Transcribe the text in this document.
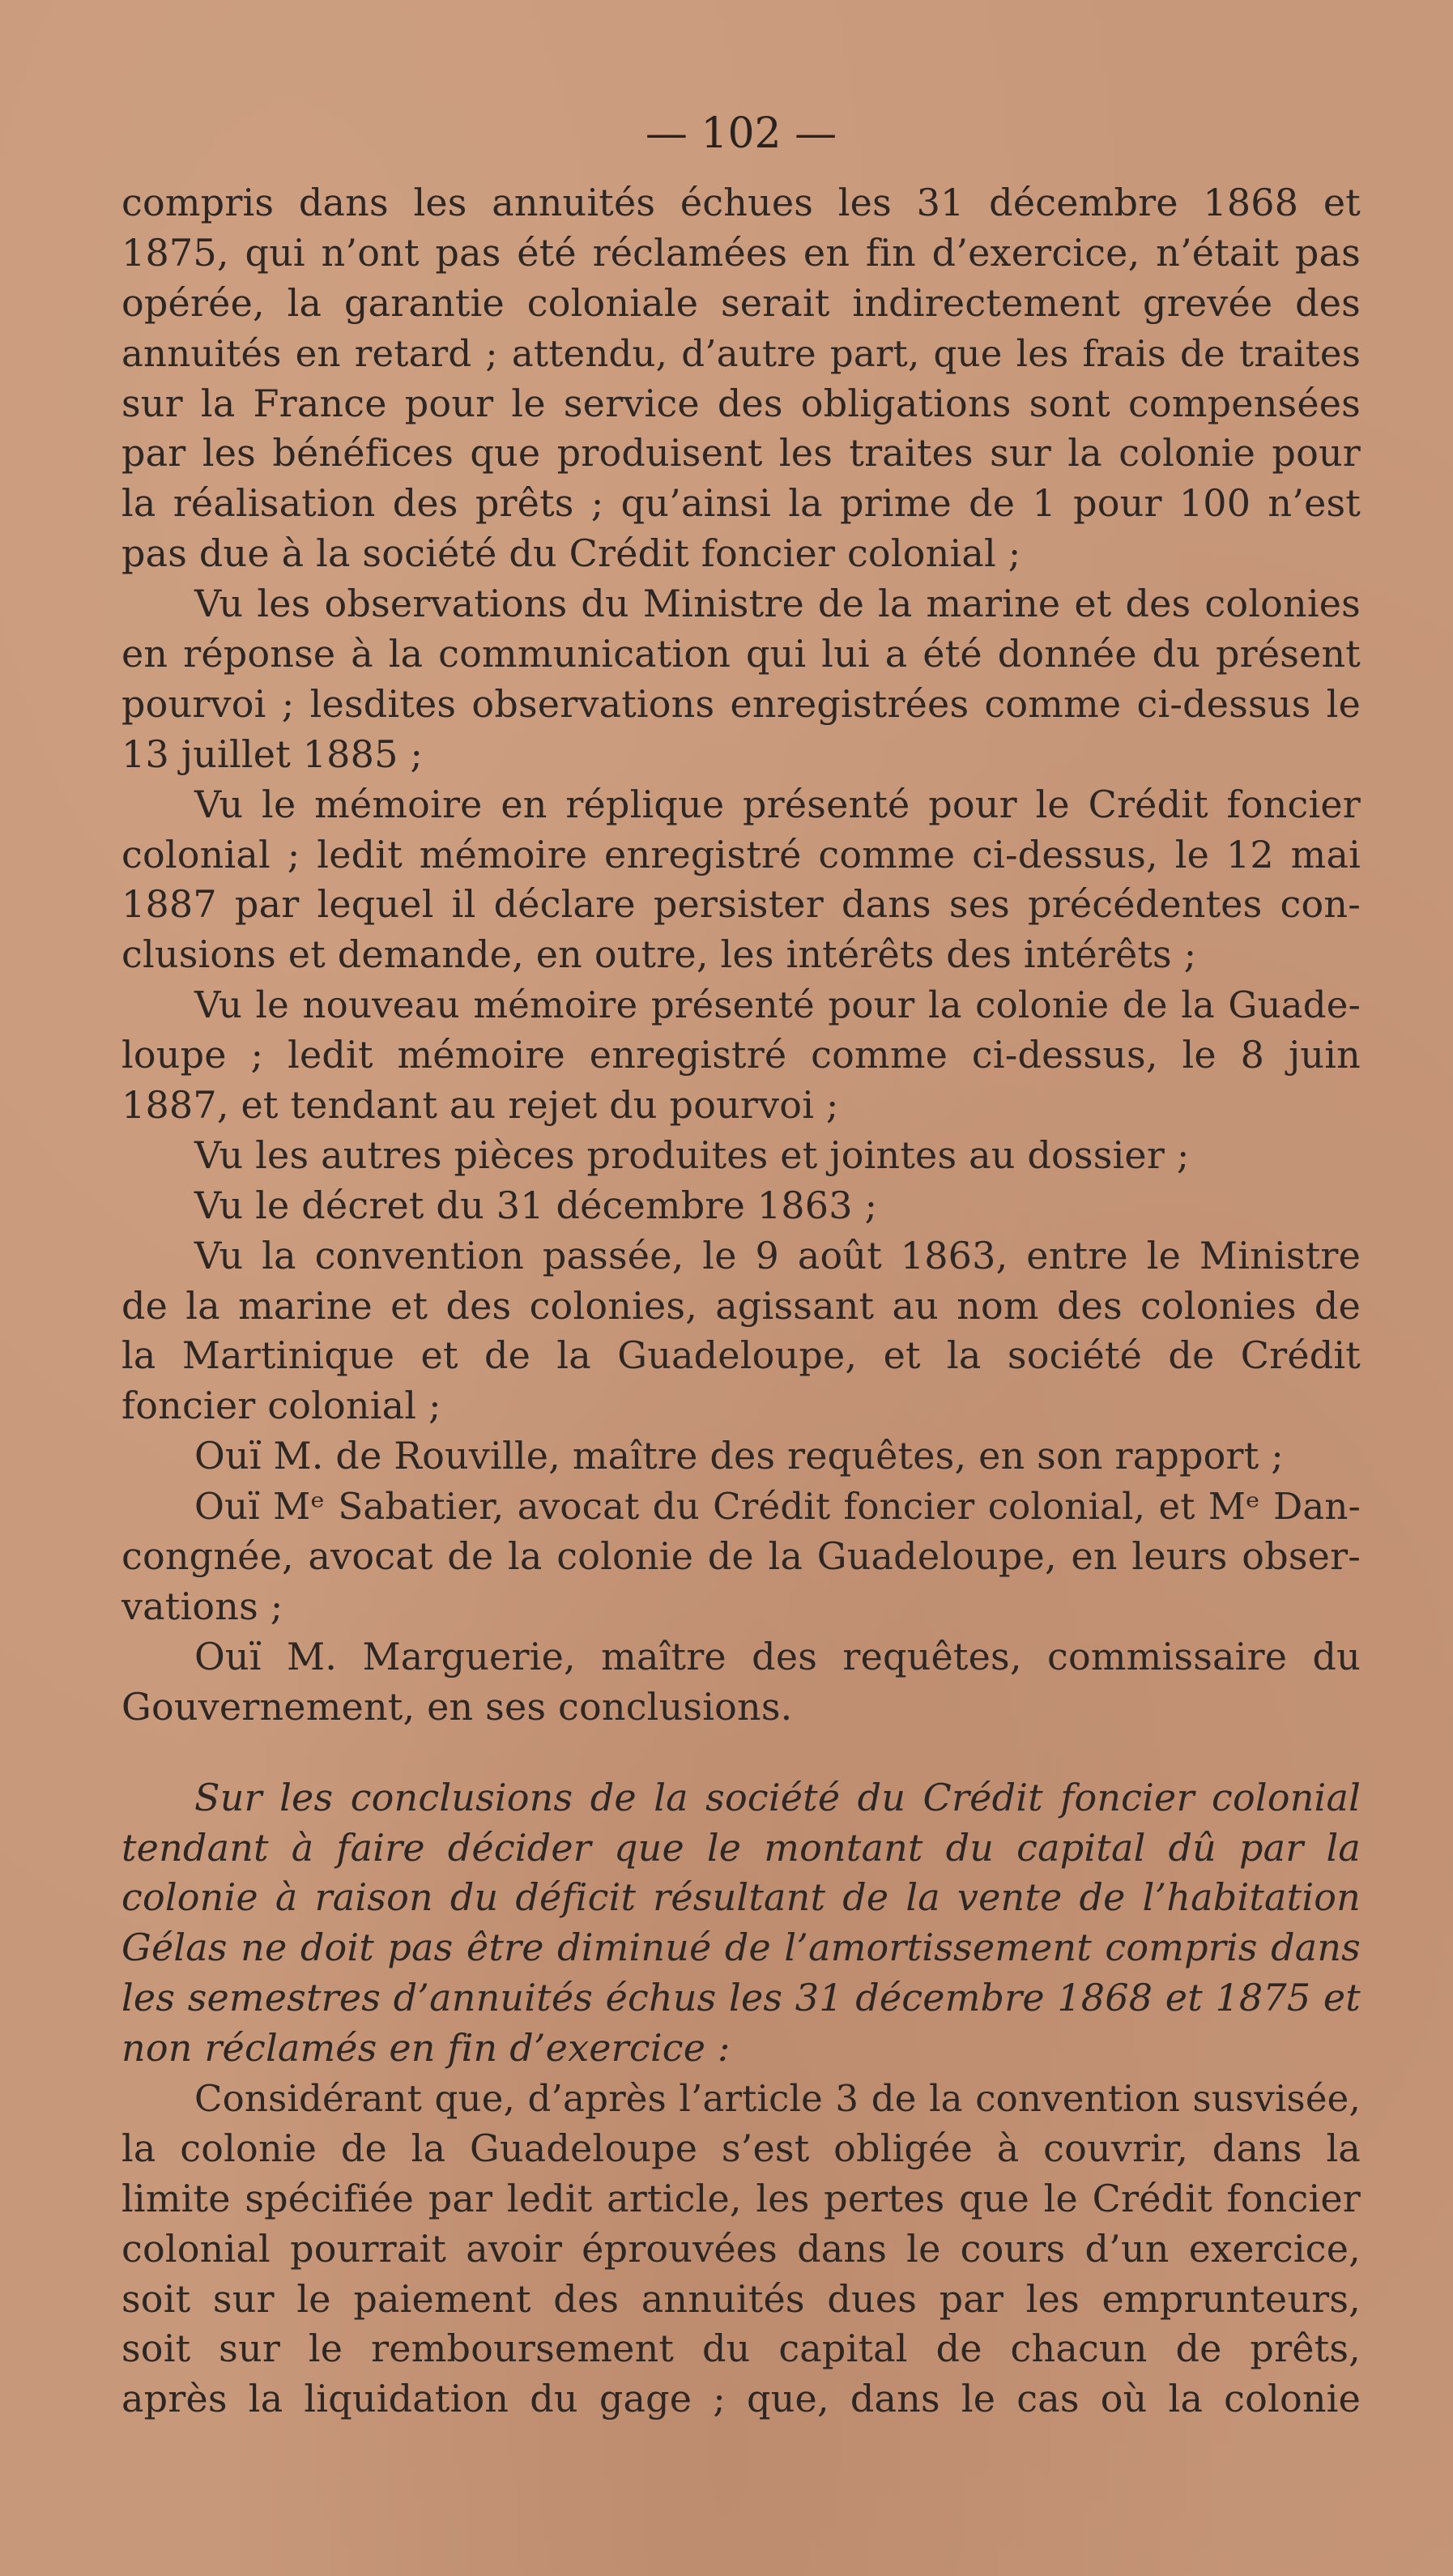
— 102 —
compris dans les annuités échues les 31 décembre 1868 et
1875, qui n’ont pas été réclamées en fin d’exercice, n’était pas
opérée, la garantie coloniale serait indirectement grevée des
annuités en retard ; attendu, d’autre part, que les frais de traites
sur la France pour le service des obligations sont compensées
par les bénéfices que produisent les traites sur la colonie pour
la réalisation des prêts ; qu’ainsi la prime de 1 pour 100 n’est
pas due à la société du Crédit foncier colonial ;
Vu les observations du Ministre de la marine et des colonies
en réponse à la communication qui lui a été donnée du présent
pourvoi ; lesdites observations enregistrées comme ci-dessus le
13 juillet 1885 ;
Vu le mémoire en réplique présenté pour le Crédit foncier
colonial ; ledit mémoire enregistré comme ci-dessus, le 12 mai
1887 par lequel il déclare persister dans ses précédentes con-
clusions et demande, en outre, les intérêts des intérêts ;
Vu le nouveau mémoire présenté pour la colonie de la Guade-
loupe ; ledit mémoire enregistré comme ci-dessus, le 8 juin
1887, et tendant au rejet du pourvoi ;
Vu les autres pièces produites et jointes au dossier ;
Vu le décret du 31 décembre 1863 ;
Vu la convention passée, le 9 août 1863, entre le Ministre
de la marine et des colonies, agissant au nom des colonies de
la Martinique et de la Guadeloupe, et la société de Crédit
foncier colonial ;
Ouï M. de Rouville, maître des requêtes, en son rapport ;
Ouï Mᵉ Sabatier, avocat du Crédit foncier colonial, et Mᵉ Dan-
congnée, avocat de la colonie de la Guadeloupe, en leurs obser-
vations ;
Ouï M. Marguerie, maître des requêtes, commissaire du
Gouvernement, en ses conclusions.
Sur les conclusions de la société du Crédit foncier colonial
tendant à faire décider que le montant du capital dû par la
colonie à raison du déficit résultant de la vente de l’habitation
Gélas ne doit pas être diminué de l’amortissement compris dans
les semestres d’annuités échus les 31 décembre 1868 et 1875 et
non réclamés en fin d’exercice :
Considérant que, d’après l’article 3 de la convention susvisée,
la colonie de la Guadeloupe s’est obligée à couvrir, dans la
limite spécifiée par ledit article, les pertes que le Crédit foncier
colonial pourrait avoir éprouvées dans le cours d’un exercice,
soit sur le paiement des annuités dues par les emprunteurs,
soit sur le remboursement du capital de chacun de prêts,
après la liquidation du gage ; que, dans le cas où la colonie
